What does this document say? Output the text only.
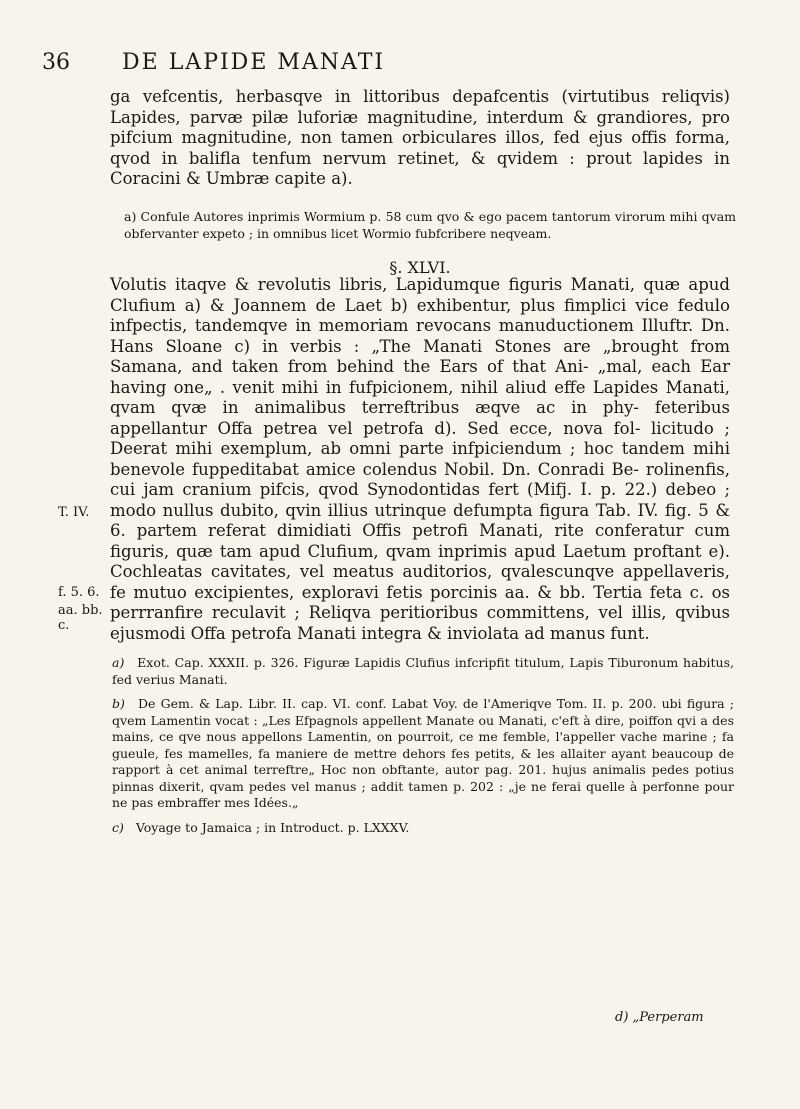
36 DE LAPIDE MANATI
ga vefcentis, herbasqve in littoribus depafcentis (virtutibus reliqvis) Lapides, parvæ pilæ luforiæ magnitudine, interdum & grandiores, pro pifcium magnitudine, non tamen orbiculares illos, fed ejus offis forma, qvod in balifla tenfum nervum retinet, & qvidem : prout lapides in Coracini & Umbræ capite a).
a) Confule Autores inprimis Wormium p. 58 cum qvo & ego pacem tantorum virorum mihi qvam obfervanter expeto ; in omnibus licet Wormio fubfcribere neqveam.
§. XLVI.
Volutis itaqve & revolutis libris, Lapidumque figuris Manati, quæ apud Clufium a) & Joannem de Laet b) exhibentur, plus fimplici vice fedulo infpectis, tandemqve in memoriam revocans manuductionem Illuftr. Dn. Hans Sloane c) in verbis : „The Manati Stones are „brought from Samana, and taken from behind the Ears of that Ani- „mal, each Ear having one„ . venit mihi in fufpicionem, nihil aliud effe Lapides Manati, qvam qvæ in animalibus terreftribus æqve ac in phy- feteribus appellantur Offa petrea vel petrofa d). Sed ecce, nova fol- licitudo ; Deerat mihi exemplum, ab omni parte infpiciendum ; hoc tandem mihi benevole fuppeditabat amice colendus Nobil. Dn. Conradi Be- rolinenfis, cui jam cranium pifcis, qvod Synodontidas fert (Mifj. I. p. 22.) debeo ; modo nullus dubito, qvin illius utrinque defumpta figura Tab. IV. fig. 5 & 6. partem referat dimidiati Offis petrofi Manati, rite conferatur cum figuris, quæ tam apud Clufium, qvam inprimis apud Laetum proftant e). Cochleatas cavitates, vel meatus auditorios, qvalescunqve appellaveris, fe mutuo excipientes, exploravi fetis porcinis aa. & bb. Tertia feta c. os perrranfire reculavit ; Reliqva peritioribus committens, vel illis, qvibus ejusmodi Offa petrofa Manati integra & inviolata ad manus funt.
T. IV.
f. 5. 6.
aa. bb. c.
a) Exot. Cap. XXXII. p. 326. Figuræ Lapidis Clufius infcripfit titulum, Lapis Tiburonum habitus, fed verius Manati.
b) De Gem. & Lap. Libr. II. cap. VI. conf. Labat Voy. de l'Ameriqve Tom. II. p. 200. ubi figura ; qvem Lamentin vocat : „Les Efpagnols appellent Manate ou Manati, c'eft à dire, poiffon qvi a des mains, ce qve nous appellons Lamentin, on pourroit, ce me femble, l'appeller vache marine ; fa gueule, fes mamelles, fa maniere de mettre dehors fes petits, & les allaiter ayant beaucoup de rapport à cet animal terreftre„ Hoc non obftante, autor pag. 201. hujus animalis pedes potius pinnas dixerit, qvam pedes vel manus ; addit tamen p. 202 : „je ne ferai quelle à perfonne pour ne pas embraffer mes Idées.„
c) Voyage to Jamaica ; in Introduct. p. LXXXV.
d) „Perperam
